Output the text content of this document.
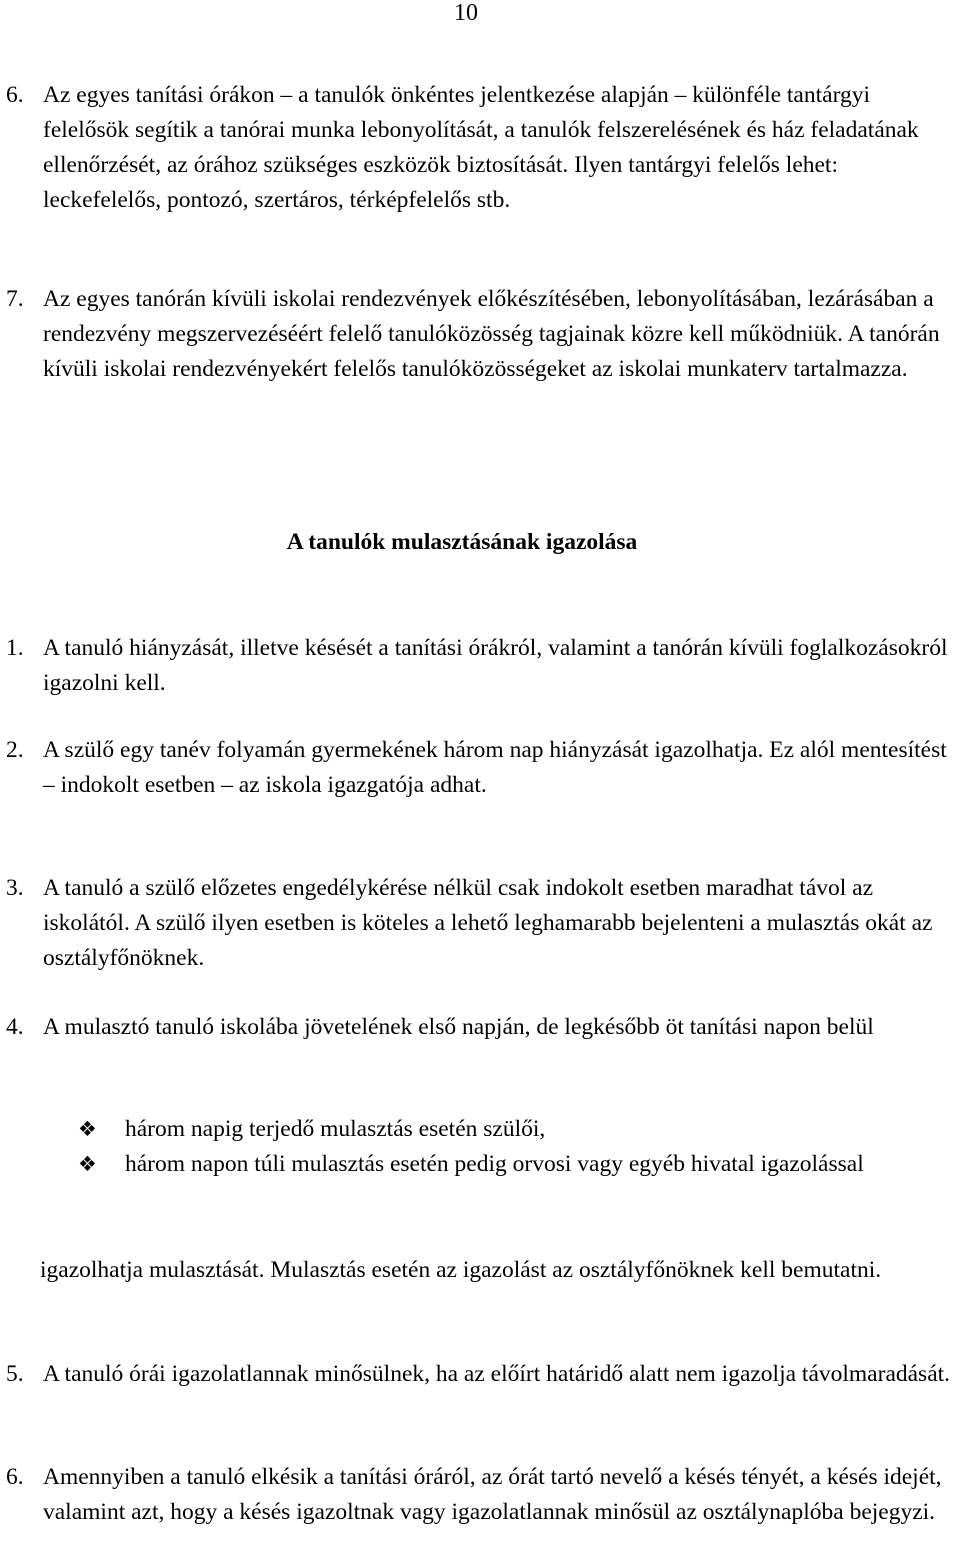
10
6. Az egyes tanítási órákon – a tanulók önkéntes jelentkezése alapján – különféle tantárgyi felelősök segítik a tanórai munka lebonyolítását, a tanulók felszerelésének és ház feladatának ellenőrzését, az órához szükséges eszközök biztosítását. Ilyen tantárgyi felelős lehet: leckefelelős, pontozó, szertáros, térképfelelős stb.
7. Az egyes tanórán kívüli iskolai rendezvények előkészítésében, lebonyolításában, lezárásában a rendezvény megszervezéséért felelő tanulóközösség tagjainak közre kell működniük. A tanórán kívüli iskolai rendezvényekért felelős tanulóközösségeket az iskolai munkaterv tartalmazza.
A tanulók mulasztásának igazolása
1. A tanuló hiányzását, illetve késését a tanítási órákról, valamint a tanórán kívüli foglalkozásokról igazolni kell.
2. A szülő egy tanév folyamán gyermekének három nap hiányzását igazolhatja. Ez alól mentesítést – indokolt esetben – az iskola igazgatója adhat.
3. A tanuló a szülő előzetes engedélykérése nélkül csak indokolt esetben maradhat távol az iskolától. A szülő ilyen esetben is köteles a lehető leghamarabb bejelenteni a mulasztás okát az osztályfőnöknek.
4. A mulasztó tanuló iskolába jövetelének első napján, de legkésőbb öt tanítási napon belül
❖ három napig terjedő mulasztás esetén szülői,
❖ három napon túli mulasztás esetén pedig orvosi vagy egyéb hivatal igazolással
igazolhatja mulasztását. Mulasztás esetén az igazolást az osztályfőnöknek kell bemutatni.
5. A tanuló órái igazolatlannak minősülnek, ha az előírt határidő alatt nem igazolja távolmaradását.
6. Amennyiben a tanuló elkésik a tanítási óráról, az órát tartó nevelő a késés tényét, a késés idejét, valamint azt, hogy a késés igazoltnak vagy igazolatlannak minősül az osztálynaplóba bejegyzi.
